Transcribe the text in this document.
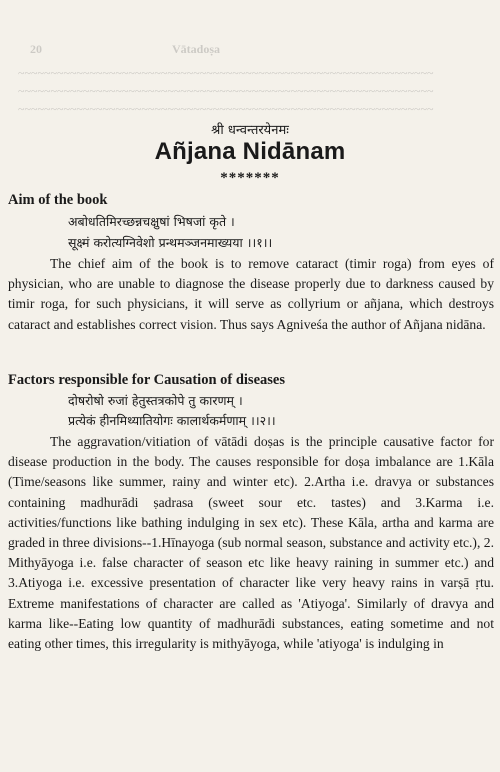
20	Vātadoṣa
~~~~~~~~~~~~~~~~~~~~~~~~~~~~~~~~~~~~~~~~~~~~~~~~~~~~~~~~~~~~~~~~
~~~~~~~~~~~~~~~~~~~~~~~~~~~~~~~~~~~~~~~~~~~~~~~~~~~~~~~~~~~~~~~~
~~~~~~~~~~~~~~~~~~~~~~~~~~~~~~~~~~~~~~~~~~~~~~~~~~~~~~~~~~~~~~~~
श्री धन्वन्तरयेनमः
Añjana Nidānam
*******
Aim of the book
अबोधतिमिरच्छन्नचक्षुषां भिषजां कृते ।
सूक्ष्मं करोत्यग्निवेशो प्रन्थमञ्जनमाख्यया ।।१।।
The chief aim of the book is to remove cataract (timir roga) from eyes of physician, who are unable to diagnose the disease properly due to darkness caused by timir roga, for such physicians, it will serve as collyrium or añjana, which destroys cataract and establishes correct vision. Thus says Agniveśa the author of Añjana nidāna.
Factors responsible for Causation of diseases
दोषरोषो रुजां हेतुस्तत्रकोपे तु कारणम् ।
प्रत्येकं हीनमिथ्यातियोगः कालार्थकर्मणाम् ।।२।।
The aggravation/vitiation of vātādi doṣas is the principle causative factor for disease production in the body. The causes responsible for doṣa imbalance are 1.Kāla (Time/seasons like summer, rainy and winter etc). 2.Artha i.e. dravya or substances containing madhurādi ṣadrasa (sweet sour etc. tastes) and 3.Karma i.e. activities/functions like bathing indulging in sex etc). These Kāla, artha and karma are graded in three divisions--1.Hīnayoga (sub normal season, substance and activity etc.), 2. Mithyāyoga i.e. false character of season etc like heavy raining in summer etc.) and 3.Atiyoga i.e. excessive presentation of character like very heavy rains in varṣā ṛtu. Extreme manifestations of character are called as 'Atiyoga'. Similarly of dravya and karma like--Eating low quantity of madhurādi substances, eating sometime and not eating other times, this irregularity is mithyāyoga, while 'atiyoga' is indulging in
